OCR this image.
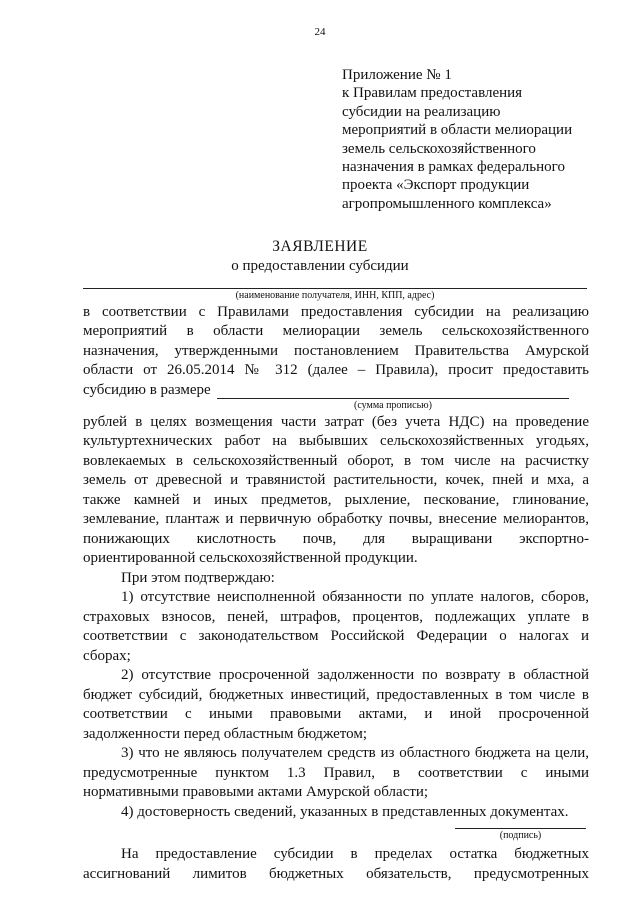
24
Приложение № 1
к Правилам предоставления
субсидии на реализацию
мероприятий в области мелиорации
земель сельскохозяйственного
назначения в рамках федерального
проекта «Экспорт продукции
агропромышленного комплекса»
ЗАЯВЛЕНИЕ
о предоставлении субсидии
(наименование получателя, ИНН, КПП, адрес)
в соответствии с Правилами предоставления субсидии на реализацию
мероприятий в области мелиорации земель сельскохозяйственного
назначения, утвержденными постановлением Правительства Амурской
области от 26.05.2014 № 312 (далее – Правила), просит предоставить
субсидию в размере
(сумма прописью)
рублей в целях возмещения части затрат (без учета НДС) на проведение
культуртехнических работ на выбывших сельскохозяйственных угодьях,
вовлекаемых в сельскохозяйственный оборот, в том числе на расчистку
земель от древесной и травянистой растительности, кочек, пней и мха, а
также камней и иных предметов, рыхление, пескование, глинование,
землевание, плантаж и первичную обработку почвы, внесение мелиорантов,
понижающих кислотность почв, для выращивани экспортно-
ориентированной сельскохозяйственной продукции.
При этом подтверждаю:
1) отсутствие неисполненной обязанности по уплате налогов, сборов,
страховых взносов, пеней, штрафов, процентов, подлежащих уплате в
соответствии с законодательством Российской Федерации о налогах и
сборах;
2) отсутствие просроченной задолженности по возврату в областной
бюджет субсидий, бюджетных инвестиций, предоставленных в том числе в
соответствии с иными правовыми актами, и иной просроченной
задолженности перед областным бюджетом;
3) что не являюсь получателем средств из областного бюджета на цели,
предусмотренные пунктом 1.3 Правил, в соответствии с иными
нормативными правовыми актами Амурской области;
4) достоверность сведений, указанных в представленных документах.
(подпись)
На предоставление субсидии в пределах остатка бюджетных
ассигнований лимитов бюджетных обязательств, предусмотренных
